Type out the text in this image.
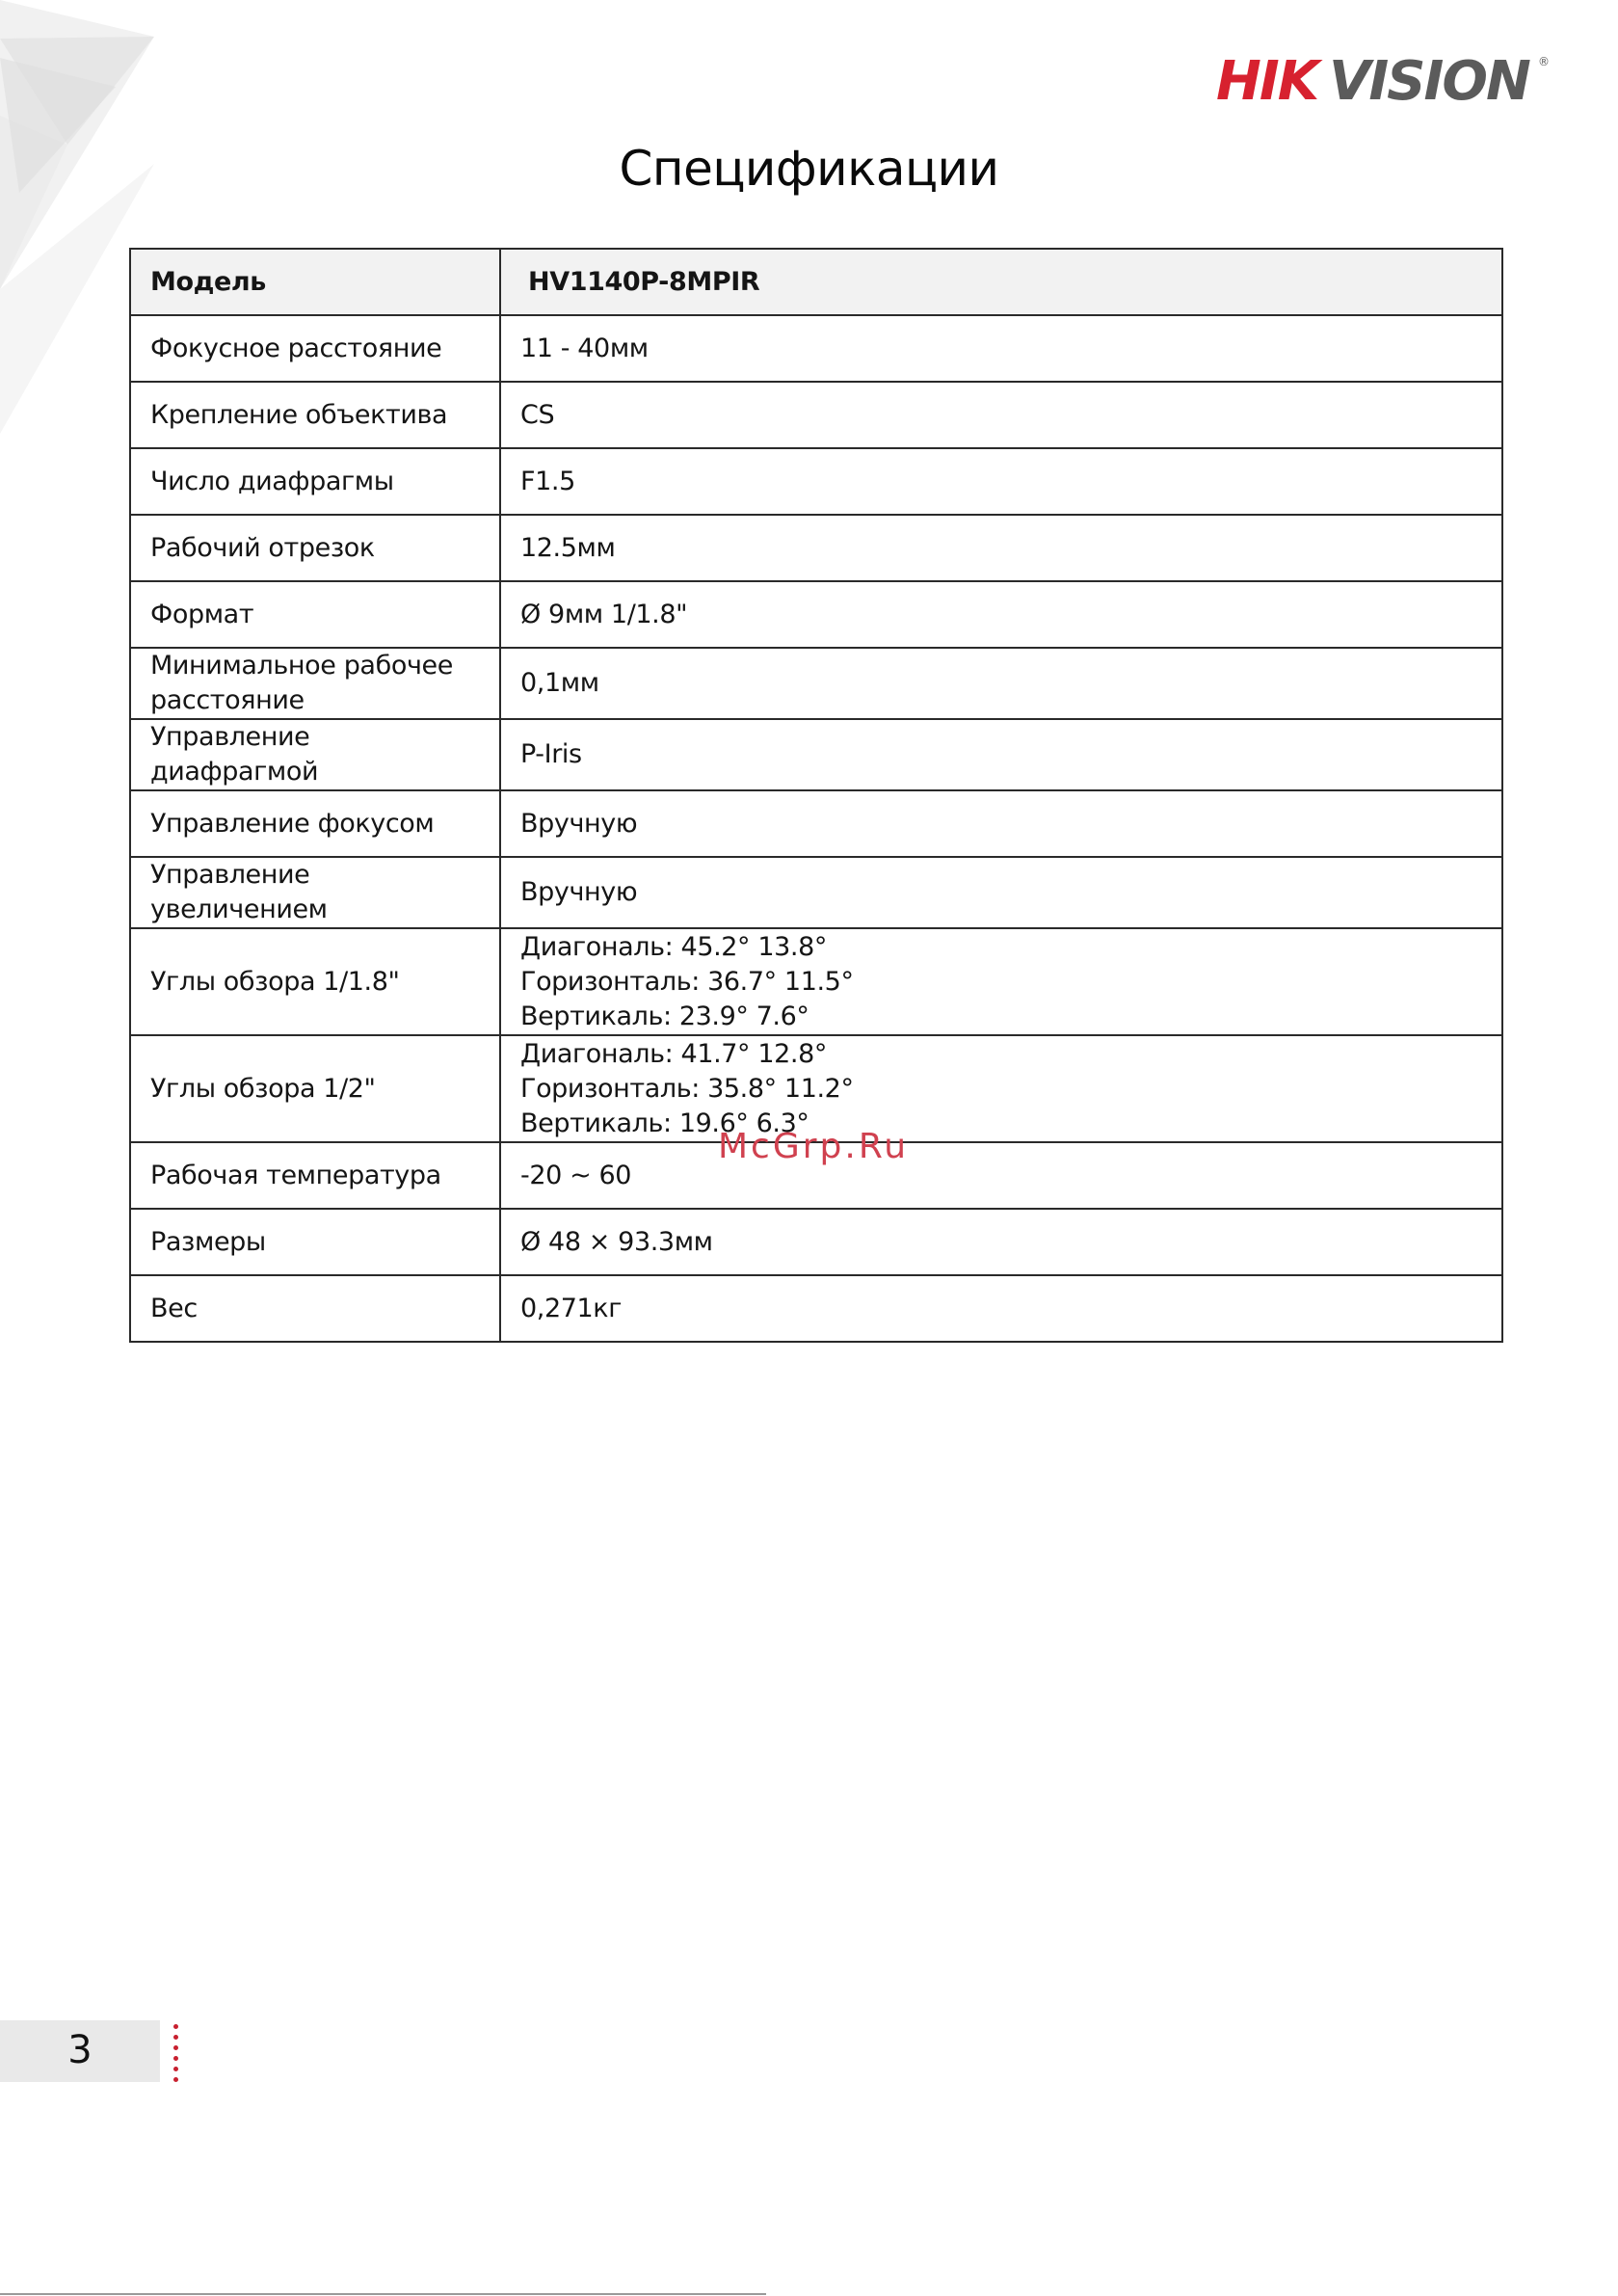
HIK VISION ®
Спецификации
Модель	HV1140P-8MPIR
Фокусное расстояние	11 - 40мм

Крепление объектива	CS

Число диафрагмы	F1.5

Рабочий отрезок	12.5мм

Формат	Ø 9мм 1/1.8"

Минимальное рабочее расстояние	0,1мм

Управление диафрагмой	P-Iris

Управление фокусом	Вручную

Управление увеличением	Вручную

Углы обзора 1/1.8"	Диагональ: 45.2° 13.8°
Горизонталь: 36.7° 11.5°
Вертикаль: 23.9° 7.6°

Углы обзора 1/2"	Диагональ: 41.7° 12.8°
Горизонталь: 35.8° 11.2°
Вертикаль: 19.6° 6.3°

Рабочая температура	-20 ~ 60

Размеры	Ø 48 × 93.3мм

Вес	0,271кг
McGrp.Ru
3
